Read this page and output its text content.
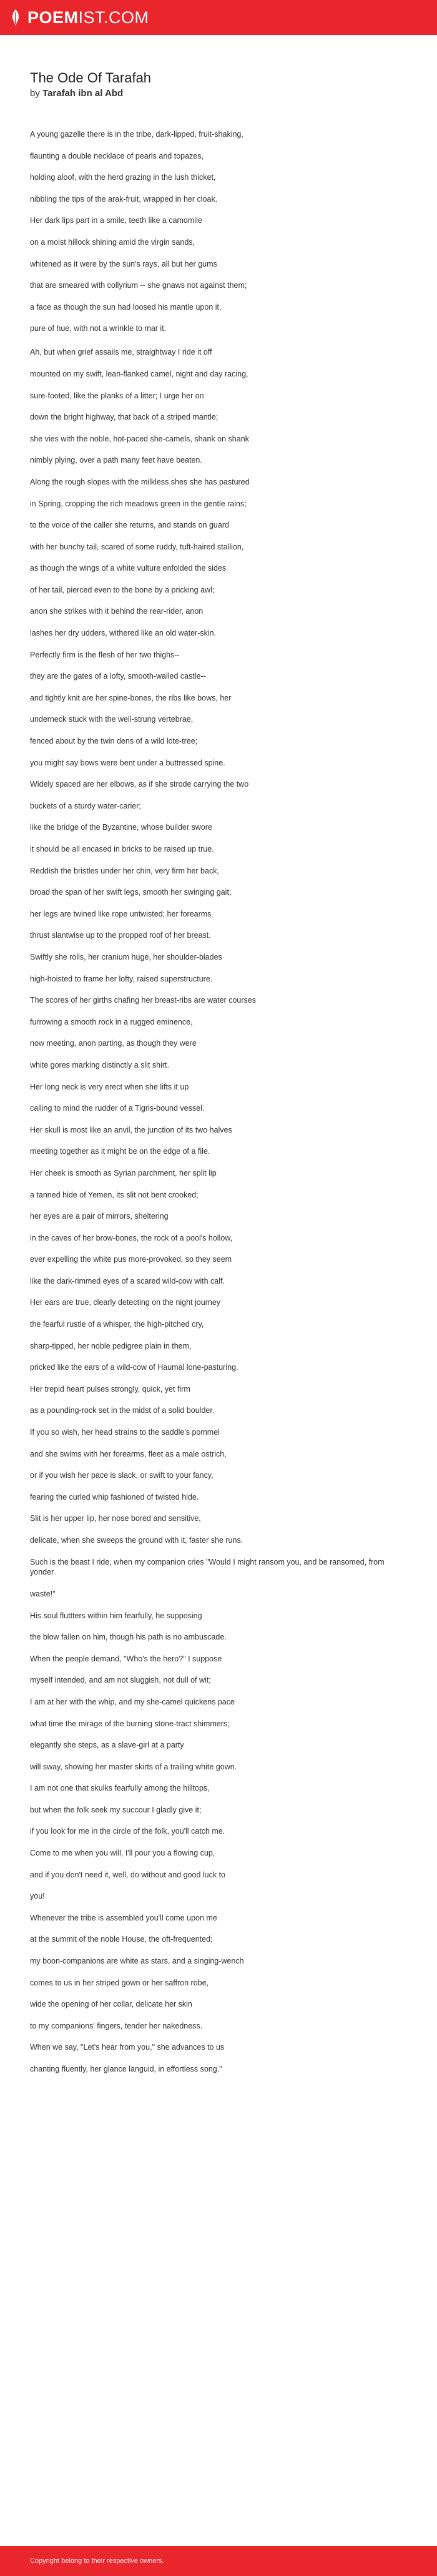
POEMIST.COM
The Ode Of Tarafah
by Tarafah ibn al Abd
A young gazelle there is in the tribe, dark-lipped, fruit-shaking,
flaunting a double necklace of pearls and topazes,
holding aloof, with the herd grazing in the lush thicket,
nibbling the tips of the arak-fruit, wrapped in her cloak.
Her dark lips part in a smile, teeth like a camomile
on a moist hillock shining amid the virgin sands,
whitened as it were by the sun's rays, all but her gums
that are smeared with collyrium -- she gnaws not against them;
a face as though the sun had loosed his mantle upon it,
pure of hue, with not a wrinkle to mar it.
Ah, but when grief assails me, straightway I ride it off
mounted on my swift, lean-flanked camel, night and day racing,
sure-footed, like the planks of a litter; I urge her on
down the bright highway, that back of a striped mantle;
she vies with the noble, hot-paced she-camels, shank on shank
nimbly plying, over a path many feet have beaten.
Along the rough slopes with the milkless shes she has pastured
in Spring, cropping the rich meadows green in the gentle rains;
to the voice of the caller she returns, and stands on guard
with her bunchy tail, scared of some ruddy, tuft-haired stallion,
as though the wings of a white vulture enfolded the sides
of her tail, pierced even to the bone by a pricking awl;
anon she strikes with it behind the rear-rider, anon
lashes her dry udders, withered like an old water-skin.
Perfectly firm is the flesh of her two thighs--
they are the gates of a lofty, smooth-walled castle--
and tightly knit are her spine-bones, the ribs like bows, her
underneck stuck with the well-strung vertebrae,
fenced about by the twin dens of a wild lote-tree;
you might say bows were bent under a buttressed spine.
Widely spaced are her elbows, as if she strode carrying the two
buckets of a sturdy water-carier;
like the bridge of the Byzantine, whose builder swore
it should be all encased in bricks to be raised up true.
Reddish the bristles under her chin, very firm her back,
broad the span of her swift legs, smooth her swinging gait;
her legs are twined like rope untwisted; her forearms
thrust slantwise up to the propped roof of her breast.
Swiftly she rolls, her cranium huge, her shoulder-blades
high-hoisted to frame her lofty, raised superstructure.
The scores of her girths chafing her breast-ribs are water courses
furrowing a smooth rock in a rugged eminence,
now meeting, anon parting, as though they were
white gores marking distinctly a slit shirt.
Her long neck is very erect when she lifts it up
calling to mind the rudder of a Tigris-bound vessel.
Her skull is most like an anvil, the junction of its two halves
meeting together as it might be on the edge of a file.
Her cheek is smooth as Syrian parchment, her split lip
a tanned hide of Yemen, its slit not bent crooked;
her eyes are a pair of mirrors, sheltering
in the caves of her brow-bones, the rock of a pool's hollow,
ever expelling the white pus more-provoked, so they seem
like the dark-rimmed eyes of a scared wild-cow with calf.
Her ears are true, clearly detecting on the night journey
the fearful rustle of a whisper, the high-pitched cry,
sharp-tipped, her noble pedigree plain in them,
pricked like the ears of a wild-cow of Haumal lone-pasturing.
Her trepid heart pulses strongly, quick, yet firm
as a pounding-rock set in the midst of a solid boulder.
If you so wish, her head strains to the saddle's pommel
and she swims with her forearms, fleet as a male ostrich,
or if you wish her pace is slack, or swift to your fancy,
fearing the curled whip fashioned of twisted hide.
Slit is her upper lip, her nose bored and sensitive,
delicate, when she sweeps the ground with it, faster she runs.
Such is the beast I ride, when my companion cries "Would I might ransom you, and be ransomed, from yonder
waste!"
His soul fluttters within him fearfully, he supposing
the blow fallen on him, though his path is no ambuscade.
When the people demand, "Who's the hero?" I suppose
myself intended, and am not sluggish, not dull of wit;
I am at her with the whip, and my she-camel quickens pace
what time the mirage of the burning stone-tract shimmers;
elegantly she steps, as a slave-girl at a party
will sway, showing her master skirts of a trailing white gown.
I am not one that skulks fearfully among the hilltops,
but when the folk seek my succour I gladly give it;
if you look for me in the circle of the folk, you'll catch me.
Come to me when you will, I'll pour you a flowing cup,
and if you don't need it, well, do without and good luck to
you!
Whenever the tribe is assembled you'll come upon me
at the summit of the noble House, the oft-frequented;
my boon-companions are white as stars, and a singing-wench
comes to us in her striped gown or her saffron robe,
wide the opening of her collar, delicate her skin
to my companions' fingers, tender her nakedness.
When we say, "Let's hear from you," she advances to us
chanting fluently, her glance languid, in effortless song."
Copyright belong to their respective owners.
